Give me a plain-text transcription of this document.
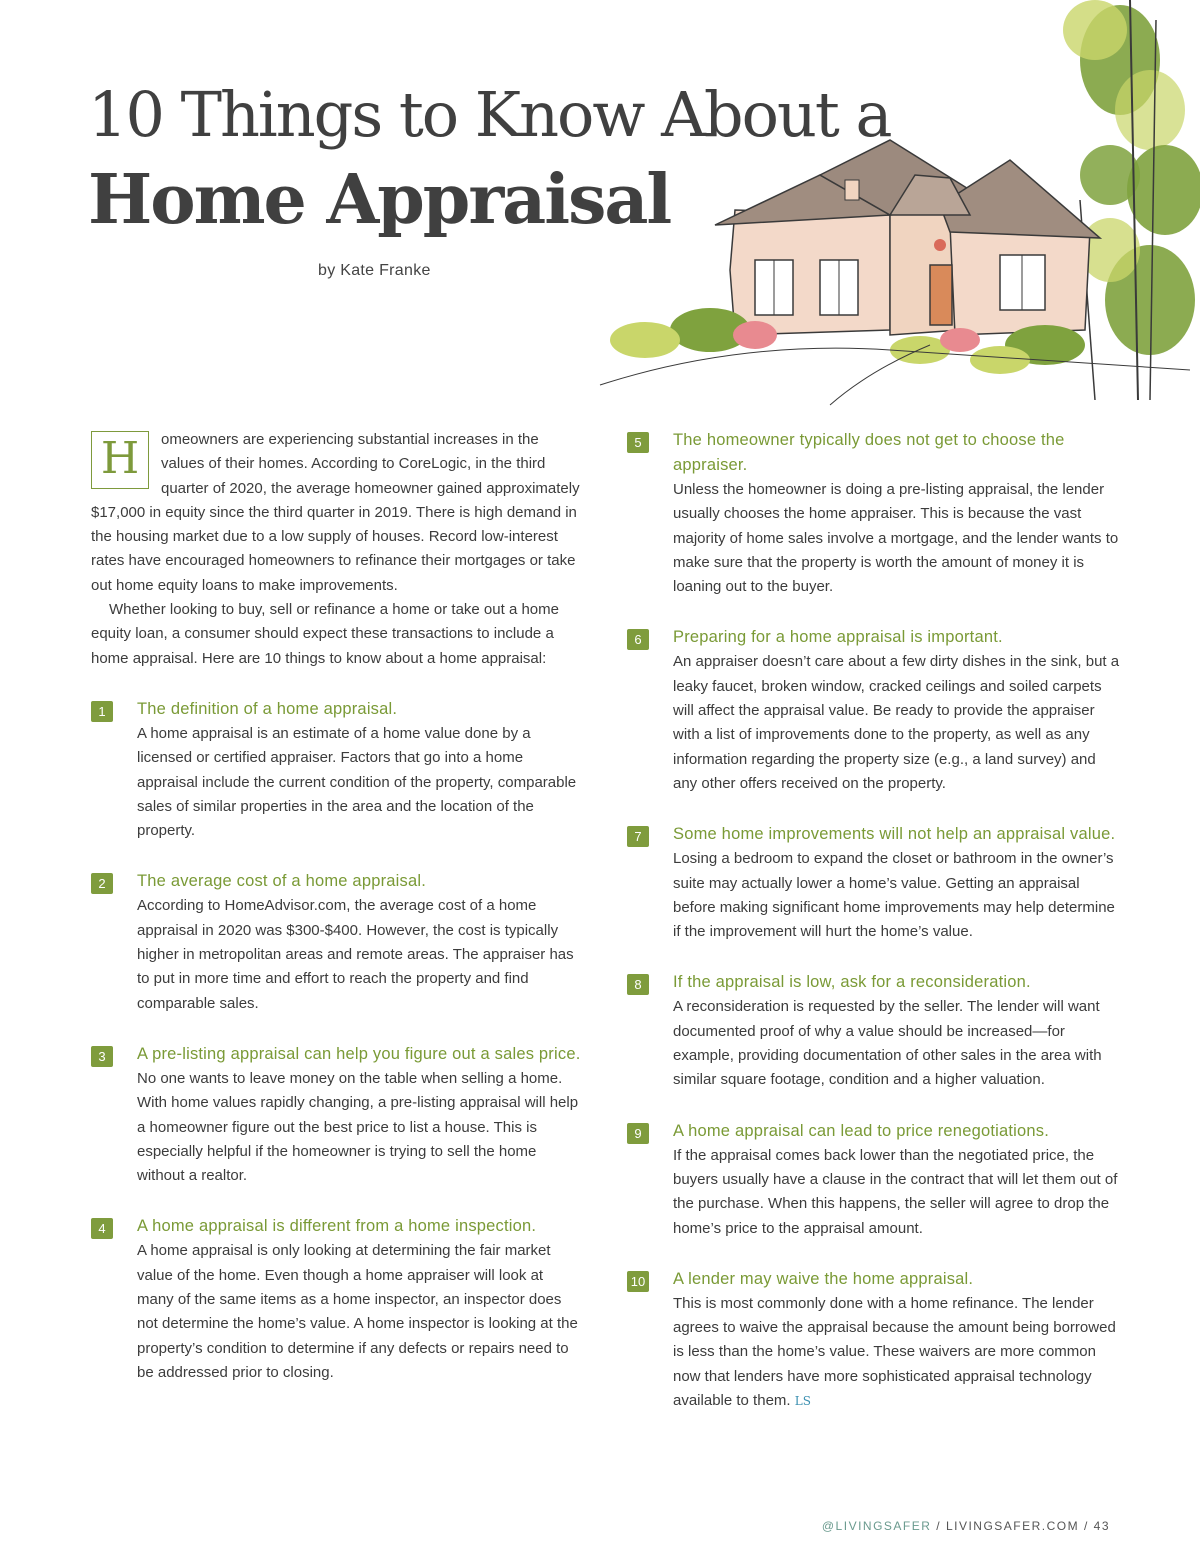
10 Things to Know About a
Home Appraisal
by Kate Franke
H	omeowners are experiencing substantial increases in the values of their homes. According to CoreLogic, in the third quarter of 2020, the average homeowner gained approximately $17,000 in equity since the third quarter in 2019. There is high demand in the housing market due to a low supply of houses. Record low-interest rates have encouraged homeowners to refinance their mortgages or take out home equity loans to make improvements.

Whether looking to buy, sell or refinance a home or take out a home equity loan, a consumer should expect these transactions to include a home appraisal. Here are 10 things to know about a home appraisal:

1	The definition of a home appraisal.

A home appraisal is an estimate of a home value done by a licensed or certified appraiser. Factors that go into a home appraisal include the current condition of the property, comparable sales of similar properties in the area and the location of the property.

2	The average cost of a home appraisal.

According to HomeAdvisor.com, the average cost of a home appraisal in 2020 was $300-$400. However, the cost is typically higher in metropolitan areas and remote areas. The appraiser has to put in more time and effort to reach the property and find comparable sales.

3	A pre-listing appraisal can help you figure out a sales price.

No one wants to leave money on the table when selling a home. With home values rapidly changing, a pre-listing appraisal will help a homeowner figure out the best price to list a house. This is especially helpful if the homeowner is trying to sell the home without a realtor.

4	A home appraisal is different from a home inspection.

A home appraisal is only looking at determining the fair market value of the home. Even though a home appraiser will look at many of the same items as a home inspector, an inspector does not determine the home’s value. A home inspector is looking at the property’s condition to determine if any defects or repairs need to be addressed prior to closing.

5	The homeowner typically does not get to choose the appraiser.

Unless the homeowner is doing a pre-listing appraisal, the lender usually chooses the home appraiser. This is because the vast majority of home sales involve a mortgage, and the lender wants to make sure that the property is worth the amount of money it is loaning out to the buyer.

6	Preparing for a home appraisal is important.

An appraiser doesn’t care about a few dirty dishes in the sink, but a leaky faucet, broken window, cracked ceilings and soiled carpets will affect the appraisal value. Be ready to provide the appraiser with a list of improvements done to the property, as well as any information regarding the property size (e.g., a land survey) and any other offers received on the property.

7	Some home improvements will not help an appraisal value.

Losing a bedroom to expand the closet or bathroom in the owner’s suite may actually lower a home’s value. Getting an appraisal before making significant home improvements may help determine if the improvement will hurt the home’s value.

8	If the appraisal is low, ask for a reconsideration.

A reconsideration is requested by the seller. The lender will want documented proof of why a value should be increased—for example, providing documentation of other sales in the area with similar square footage, condition and a higher valuation.

9	A home appraisal can lead to price renegotiations.

If the appraisal comes back lower than the negotiated price, the buyers usually have a clause in the contract that will let them out of the purchase. When this happens, the seller will agree to drop the home’s price to the appraisal amount.

10 A lender may waive the home appraisal.

This is most commonly done with a home refinance. The lender agrees to waive the appraisal because the amount being borrowed is less than the home’s value. These waivers are more common now that lenders have more sophisticated appraisal technology available to them. LS

@LIVINGSAFER / LIVINGSAFER.COM / 43
